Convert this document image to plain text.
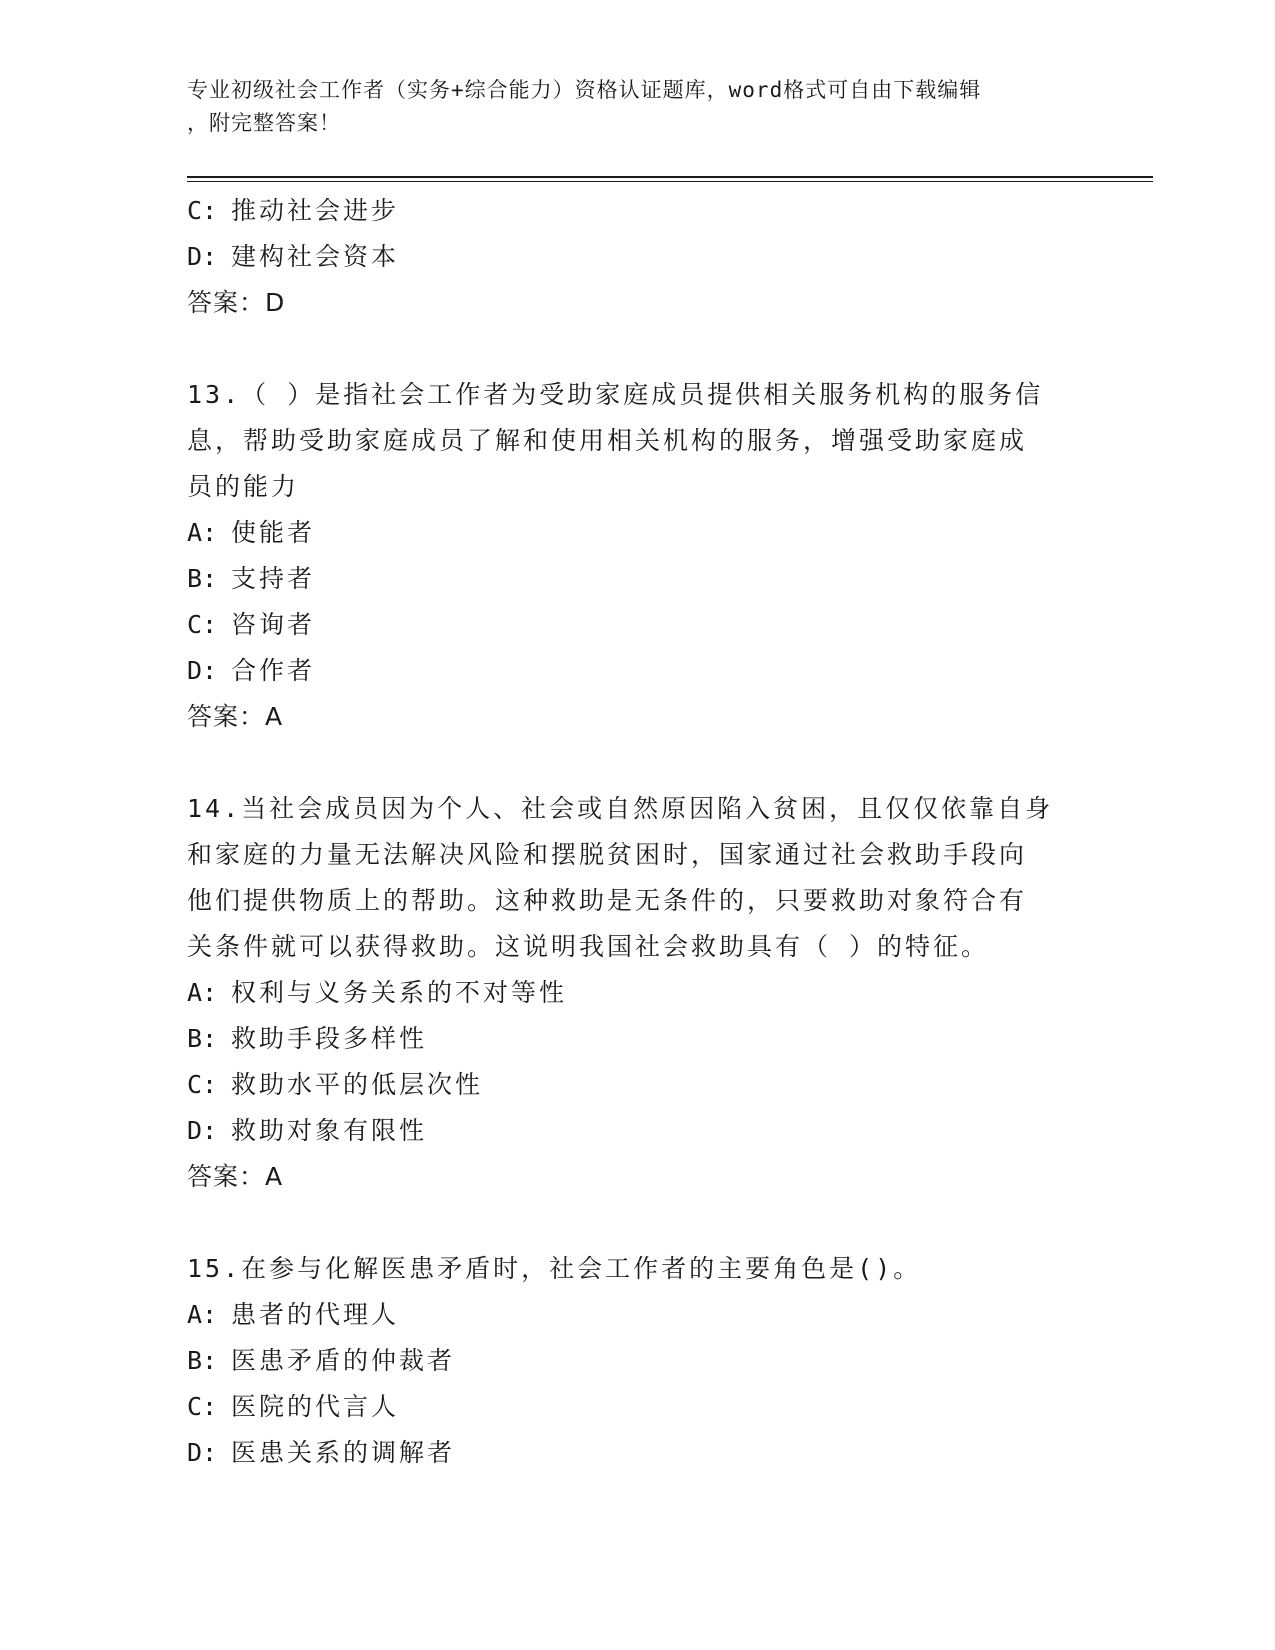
专业初级社会工作者（实务+综合能力）资格认证题库，word格式可自由下载编辑
，附完整答案！
C: 推动社会进步
D: 建构社会资本
答案：D
13.（ ）是指社会工作者为受助家庭成员提供相关服务机构的服务信
息，帮助受助家庭成员了解和使用相关机构的服务，增强受助家庭成
员的能力
A: 使能者
B: 支持者
C: 咨询者
D: 合作者
答案：A
14.当社会成员因为个人、社会或自然原因陷入贫困，且仅仅依靠自身
和家庭的力量无法解决风险和摆脱贫困时，国家通过社会救助手段向
他们提供物质上的帮助。这种救助是无条件的，只要救助对象符合有
关条件就可以获得救助。这说明我国社会救助具有（ ）的特征。
A: 权利与义务关系的不对等性
B: 救助手段多样性
C: 救助水平的低层次性
D: 救助对象有限性
答案：A
15.在参与化解医患矛盾时，社会工作者的主要角色是()。
A: 患者的代理人
B: 医患矛盾的仲裁者
C: 医院的代言人
D: 医患关系的调解者
